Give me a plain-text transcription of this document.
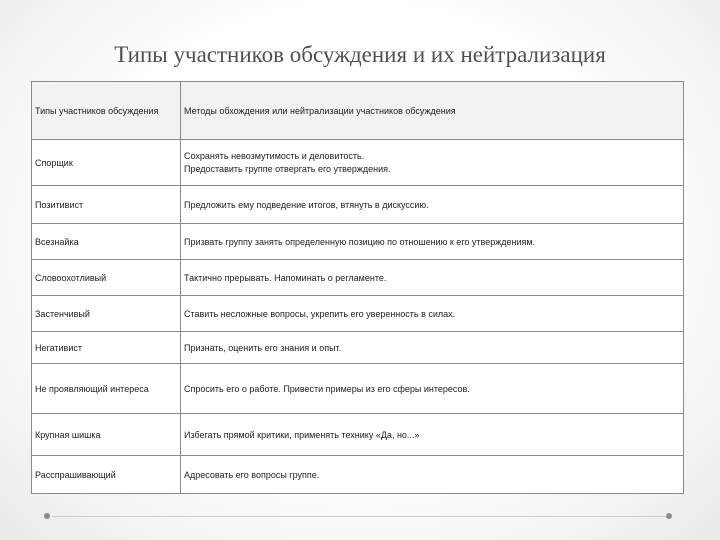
Типы участников обсуждения и их нейтрализация
Типы участников обсуждения	Методы обхождения или нейтрализации участников обсуждения
Спорщик	Сохранять невозмутимость и деловитость.
Предоставить группе отвергать его утверждения.

Позитивист	Предложить ему подведение итогов, втянуть в дискуссию.
Всезнайка	Призвать группу занять определенную позицию по отношению к его утверждениям.
Словоохотливый	Тактично прерывать. Напоминать о регламенте.
Застенчивый	Ставить несложные вопросы, укрепить его уверенность в силах.
Негативист	Признать, оценить его знания и опыт.
Не проявляющий интереса	Спросить его о работе. Привести примеры из его сферы интересов.
Крупная шишка	Избегать прямой критики, применять технику «Да, но...»
Расспрашивающий	Адресовать его вопросы группе.
